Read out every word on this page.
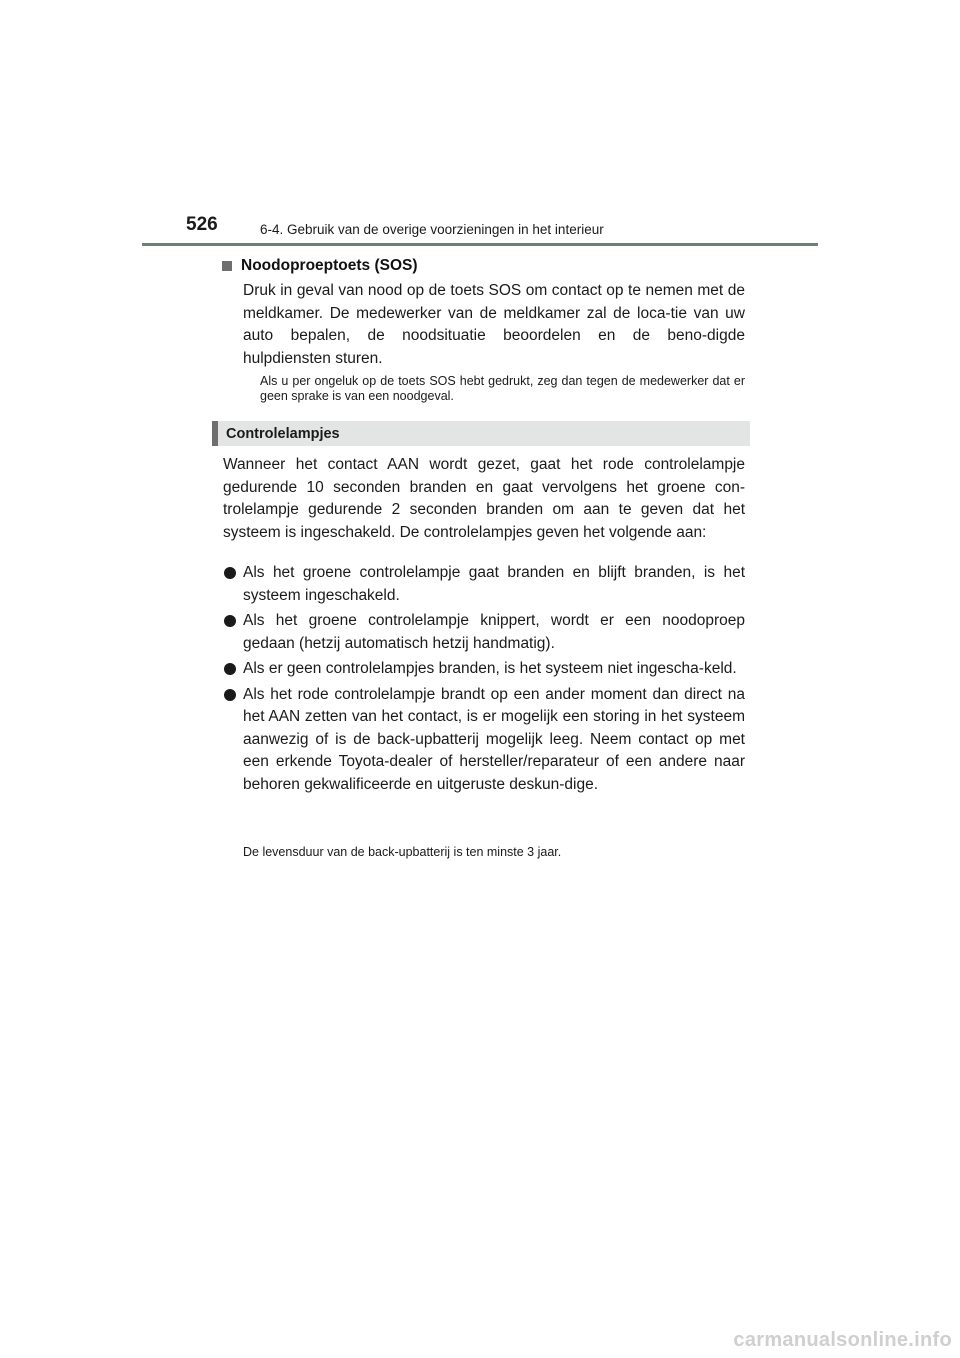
526	6-4. Gebruik van de overige voorzieningen in het interieur
Noodoproeptoets (SOS)

Druk in geval van nood op de toets SOS om contact op te nemen met de meldkamer. De medewerker van de meldkamer zal de loca-tie van uw auto bepalen, de noodsituatie beoordelen en de beno-digde hulpdiensten sturen.

Als u per ongeluk op de toets SOS hebt gedrukt, zeg dan tegen de medewerker dat er geen sprake is van een noodgeval.

Controlelampjes

Wanneer het contact AAN wordt gezet, gaat het rode controlelampje gedurende 10 seconden branden en gaat vervolgens het groene con-trolelampje gedurende 2 seconden branden om aan te geven dat het systeem is ingeschakeld. De controlelampjes geven het volgende aan:

Als het groene controlelampje gaat branden en blijft branden, is het systeem ingeschakeld.
Als het groene controlelampje knippert, wordt er een noodoproep gedaan (hetzij automatisch hetzij handmatig).
Als er geen controlelampjes branden, is het systeem niet ingescha-keld.
Als het rode controlelampje brandt op een ander moment dan direct na het AAN zetten van het contact, is er mogelijk een storing in het systeem aanwezig of is de back-upbatterij mogelijk leeg. Neem contact op met een erkende Toyota-dealer of hersteller/reparateur of een andere naar behoren gekwalificeerde en uitgeruste deskun-dige.

De levensduur van de back-upbatterij is ten minste 3 jaar.

carmanualsonline.info
